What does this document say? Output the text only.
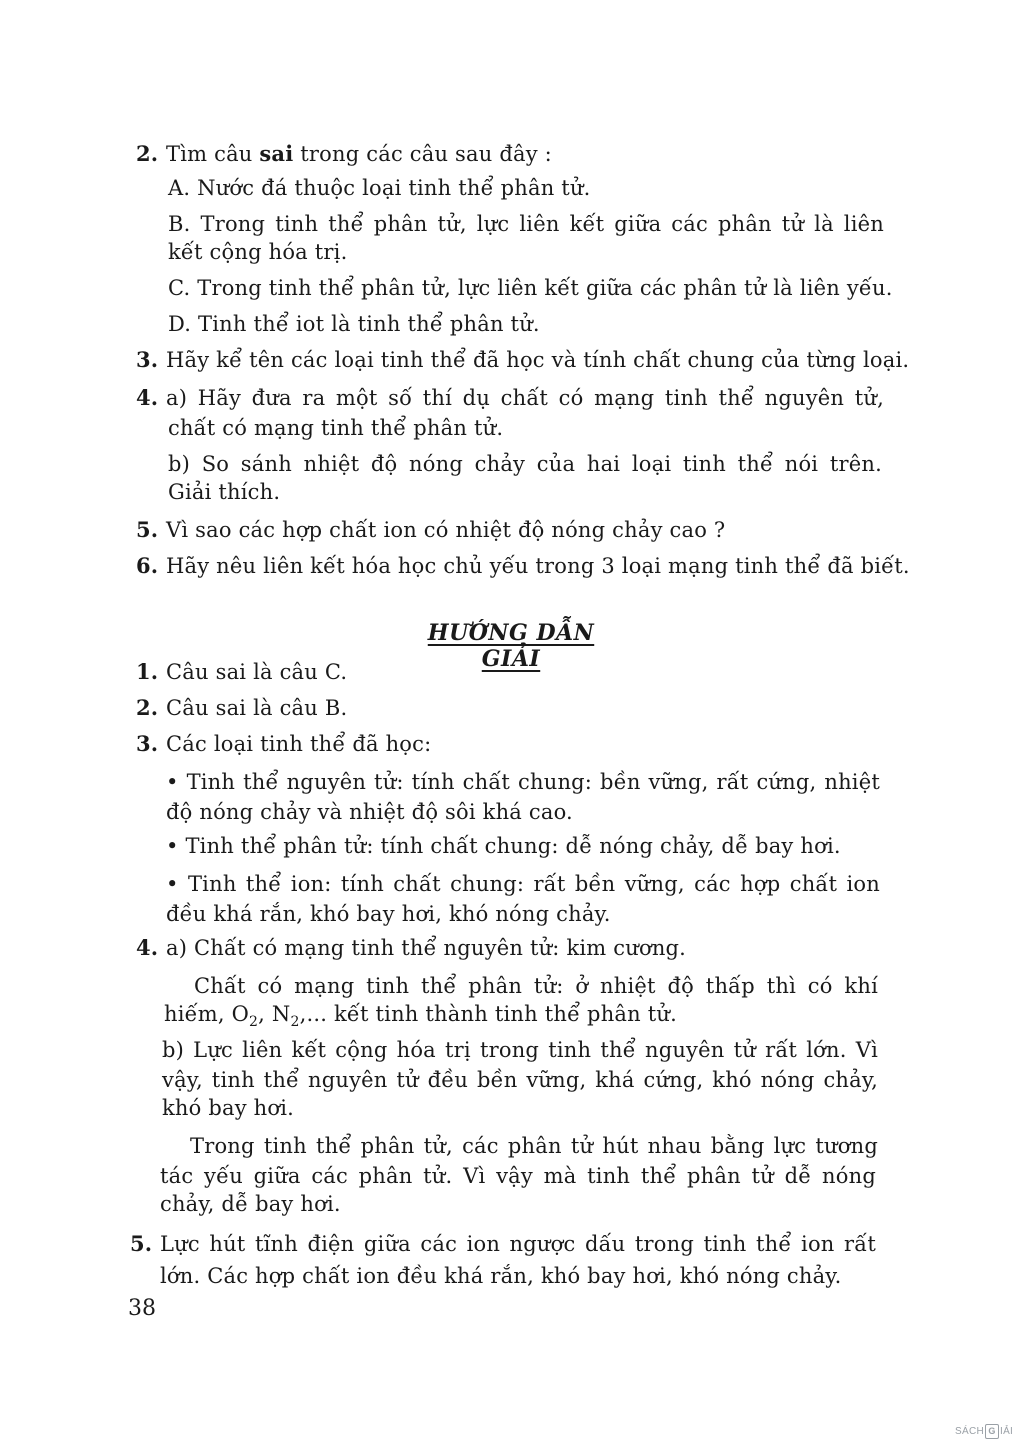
2. Tìm câu sai trong các câu sau đây :
A. Nước đá thuộc loại tinh thể phân tử.
B. Trong tinh thể phân tử, lực liên kết giữa các phân tử là liên
kết cộng hóa trị.
C. Trong tinh thể phân tử, lực liên kết giữa các phân tử là liên yếu.
D. Tinh thể iot là tinh thể phân tử.
3. Hãy kể tên các loại tinh thể đã học và tính chất chung của từng loại.
4. a) Hãy đưa ra một số thí dụ chất có mạng tinh thể nguyên tử,
chất có mạng tinh thể phân tử.
b) So sánh nhiệt độ nóng chảy của hai loại tinh thể nói trên.
Giải thích.
5. Vì sao các hợp chất ion có nhiệt độ nóng chảy cao ?
6. Hãy nêu liên kết hóa học chủ yếu trong 3 loại mạng tinh thể đã biết.
HƯỚNG DẪN GIẢI
1. Câu sai là câu C.
2. Câu sai là câu B.
3. Các loại tinh thể đã học:
• Tinh thể nguyên tử: tính chất chung: bền vững, rất cứng, nhiệt
độ nóng chảy và nhiệt độ sôi khá cao.
• Tinh thể phân tử: tính chất chung: dễ nóng chảy, dễ bay hơi.
• Tinh thể ion: tính chất chung: rất bền vững, các hợp chất ion
đều khá rắn, khó bay hơi, khó nóng chảy.
4. a) Chất có mạng tinh thể nguyên tử: kim cương.
Chất có mạng tinh thể phân tử: ở nhiệt độ thấp thì có khí
hiếm, $O_2$, $N_2$,... kết tinh thành tinh thể phân tử.
b) Lực liên kết cộng hóa trị trong tinh thể nguyên tử rất lớn. Vì
vậy, tinh thể nguyên tử đều bền vững, khá cứng, khó nóng chảy,
khó bay hơi.
Trong tinh thể phân tử, các phân tử hút nhau bằng lực tương
tác yếu giữa các phân tử. Vì vậy mà tinh thể phân tử dễ nóng
chảy, dễ bay hơi.
5. Lực hút tĩnh điện giữa các ion ngược dấu trong tinh thể ion rất
lớn. Các hợp chất ion đều khá rắn, khó bay hơi, khó nóng chảy.
38
SÁCH G IẢI
